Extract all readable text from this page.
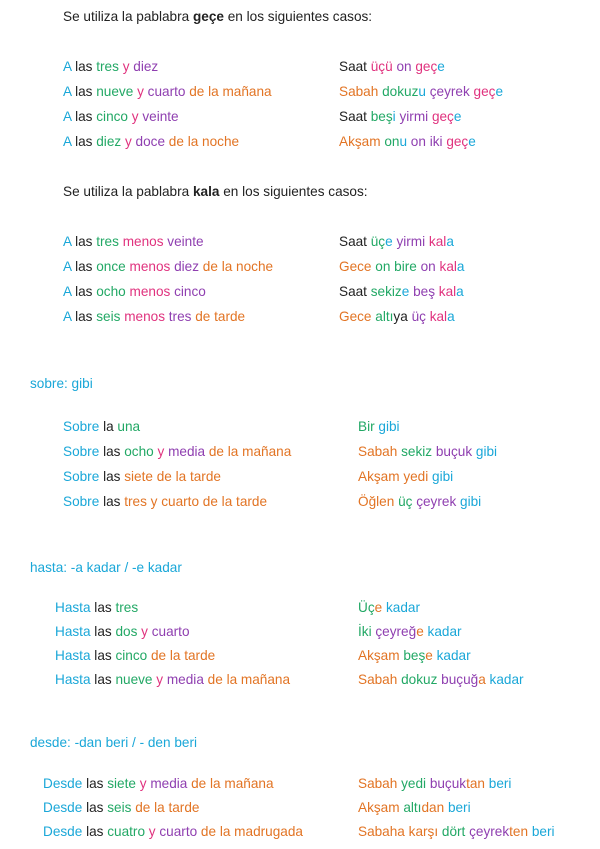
Se utiliza la pablabra geçe en los siguientes casos:
A las tres y diez	Saat üçü on geçe
A las nueve y cuarto de la mañana	Sabah dokuzu çeyrek geçe
A las cinco y veinte	Saat beşi yirmi geçe
A las diez y doce de la noche	Akşam onu on iki geçe
Se utiliza la pablabra kala en los siguientes casos:
A las tres menos veinte	Saat üçe yirmi kala
A las once menos diez de la noche	Gece on bire on kala
A las ocho menos cinco	Saat sekize beş kala
A las seis menos tres de tarde	Gece altıya üç kala
sobre: gibi
Sobre la una	Bir gibi
Sobre las ocho y media de la mañana	Sabah sekiz buçuk gibi
Sobre las siete de la tarde	Akşam yedi gibi
Sobre las tres y cuarto de la tarde	Öğlen üç çeyrek gibi
hasta: -a kadar / -e kadar
Hasta las tres	Üçe kadar
Hasta las dos y cuarto	İki çeyreğe kadar
Hasta las cinco de la tarde	Akşam beşe kadar
Hasta las nueve y media de la mañana	Sabah dokuz buçuğa kadar
desde: -dan beri / - den beri
Desde las siete y media de la mañana	Sabah yedi buçuktan beri
Desde las seis de la tarde	Akşam altıdan beri
Desde las cuatro y cuarto de la madrugada	Sabaha karşı dört çeyrekten beri
